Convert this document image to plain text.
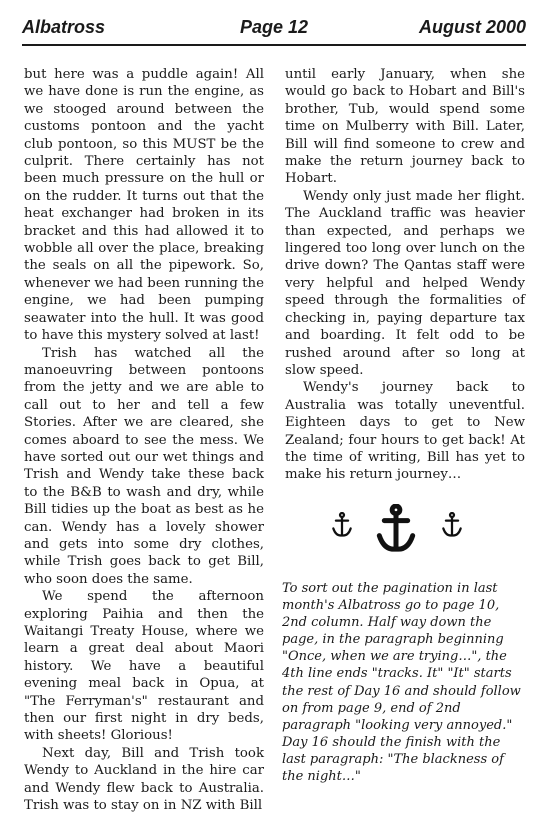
Albatross	Page 12	August 2000

but here was a puddle again! All we have done is run the engine, as we stooged around between the customs pontoon and the yacht club pontoon, so this MUST be the culprit. There certainly has not been much pressure on the hull or on the rudder. It turns out that the heat exchanger had broken in its bracket and this had allowed it to wobble all over the place, breaking the seals on all the pipework. So, whenever we had been running the engine, we had been pumping seawater into the hull. It was good to have this mystery solved at last!

Trish has watched all the manoeuvring between pontoons from the jetty and we are able to call out to her and tell a few Stories. After we are cleared, she comes aboard to see the mess. We have sorted out our wet things and Trish and Wendy take these back to the B&B to wash and dry, while Bill tidies up the boat as best as he can. Wendy has a lovely shower and gets into some dry clothes, while Trish goes back to get Bill, who soon does the same.

We spend the afternoon exploring Paihia and then the Waitangi Treaty House, where we learn a great deal about Maori history. We have a beautiful evening meal back in Opua, at "The Ferryman's" restaurant and then our first night in dry beds, with sheets! Glorious!

Next day, Bill and Trish took Wendy to Auckland in the hire car and Wendy flew back to Australia. Trish was to stay on in NZ with Bill

until early January, when she would go back to Hobart and Bill's brother, Tub, would spend some time on Mulberry with Bill. Later, Bill will find someone to crew and make the return journey back to Hobart.

Wendy only just made her flight. The Auckland traffic was heavier than expected, and perhaps we lingered too long over lunch on the drive down? The Qantas staff were very helpful and helped Wendy speed through the formalities of checking in, paying departure tax and boarding. It felt odd to be rushed around after so long at slow speed.

Wendy's journey back to Australia was totally uneventful. Eighteen days to get to New Zealand; four hours to get back! At the time of writing, Bill has yet to make his return journey…

To sort out the pagination in last month's Albatross go to page 10, 2nd column. Half way down the page, in the paragraph beginning "Once, when we are trying…", the 4th line ends "tracks. It" "It" starts the rest of Day 16 and should follow on from page 9, end of 2nd paragraph "looking very annoyed." Day 16 should the finish with the last paragraph: "The blackness of the night…"
